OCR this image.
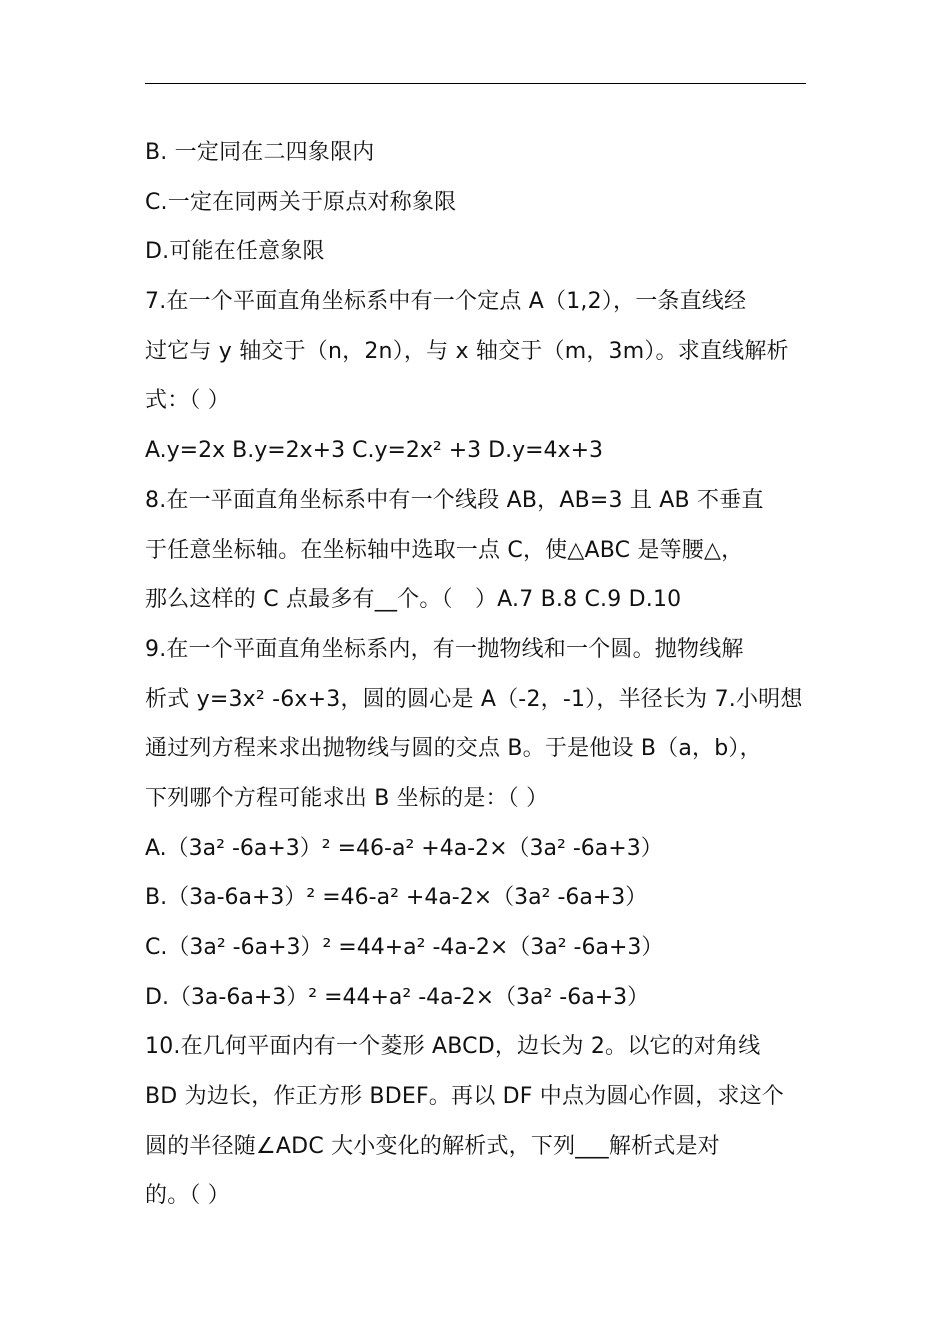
B. 一定同在二四象限内
C.一定在同两关于原点对称象限
D.可能在任意象限
7.在一个平面直角坐标系中有一个定点 A（1,2），一条直线经
过它与 y 轴交于（n，2n），与 x 轴交于（m，3m）。求直线解析
式：（ ）
A.y=2x B.y=2x+3 C.y=2x² +3 D.y=4x+3
8.在一平面直角坐标系中有一个线段 AB，AB=3 且 AB 不垂直
于任意坐标轴。在坐标轴中选取一点 C，使△ABC 是等腰△，
那么这样的 C 点最多有__个。（　）A.7 B.8 C.9 D.10
9.在一个平面直角坐标系内，有一抛物线和一个圆。抛物线解
析式 y=3x² -6x+3，圆的圆心是 A（-2，-1），半径长为 7.小明想
通过列方程来求出抛物线与圆的交点 B。于是他设 B（a，b），
下列哪个方程可能求出 B 坐标的是：（ ）
A.（3a² -6a+3）² =46-a² +4a-2×（3a² -6a+3）
B.（3a-6a+3）² =46-a² +4a-2×（3a² -6a+3）
C.（3a² -6a+3）² =44+a² -4a-2×（3a² -6a+3）
D.（3a-6a+3）² =44+a² -4a-2×（3a² -6a+3）
10.在几何平面内有一个菱形 ABCD，边长为 2。以它的对角线
BD 为边长，作正方形 BDEF。再以 DF 中点为圆心作圆，求这个
圆的半径随∠ADC 大小变化的解析式，下列___解析式是对
的。（ ）
